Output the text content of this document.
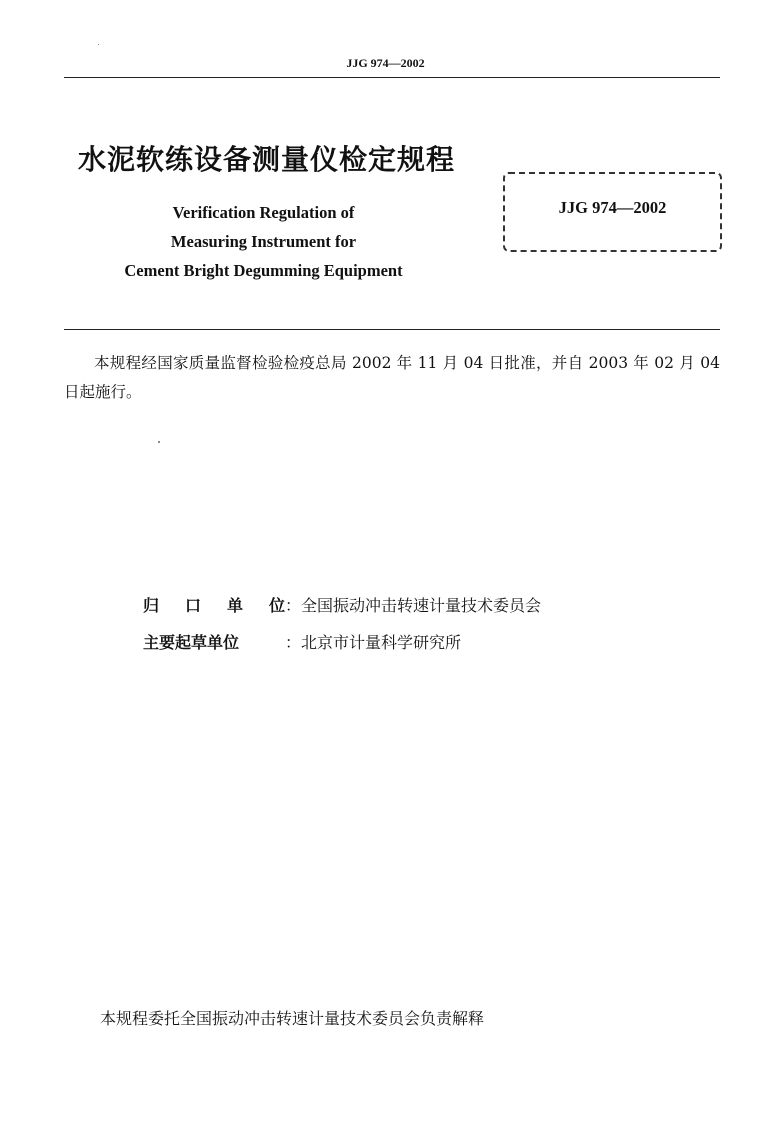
JJG 974—2002
水泥软练设备测量仪检定规程
Verification Regulation of
Measuring Instrument for
Cement Bright Degumming Equipment
JJG 974—2002
本规程经国家质量监督检验检疫总局 2002 年 11 月 04 日批准，并自 2003 年 02 月 04 日起施行。
归 口 单 位 ： 全国振动冲击转速计量技术委员会
主要起草单位	： 北京市计量科学研究所
本规程委托全国振动冲击转速计量技术委员会负责解释
